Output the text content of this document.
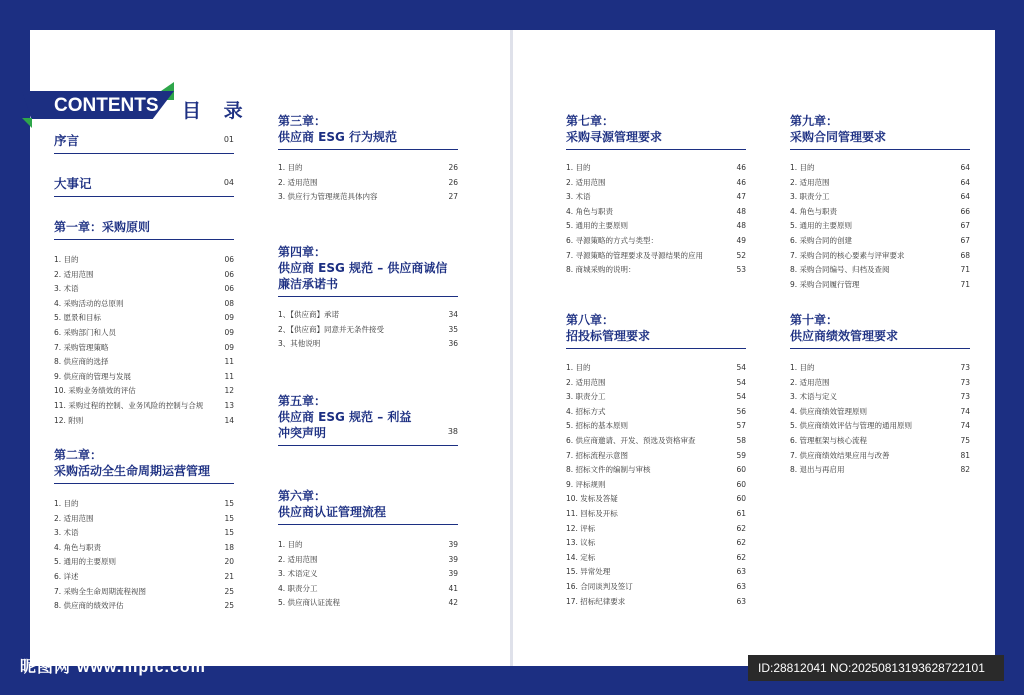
CONTENTS 目 录
序言	01
大事记	04
第一章：采购原则
1. 目的	06
2. 适用范围	06
3. 术语	06
4. 采购活动的总原则	08
5. 愿景和目标	09
6. 采购部门和人员	09
7. 采购管理策略	09
8. 供应商的选择	11
9. 供应商的管理与发展	11
10. 采购业务绩效的评估	12
11. 采购过程的控制、业务风险的控制与合规	13
12. 附则	14
第二章：
采购活动全生命周期运营管理
1. 目的	15
2. 适用范围	15
3. 术语	15
4. 角色与职责	18
5. 通用的主要原则	20
6. 详述	21
7. 采购全生命周期流程视图	25
8. 供应商的绩效评估	25
第三章：
供应商 ESG 行为规范
1. 目的	26
2. 适用范围	26
3. 供应行为管理规范具体内容	27
第四章：
供应商 ESG 规范 – 供应商诚信
廉洁承诺书
1、【供应商】承诺	34
2、【供应商】同意并无条件接受	35
3、其他说明	36
第五章：
供应商 ESG 规范 – 利益
冲突声明	38
第六章：
供应商认证管理流程
1. 目的	39
2. 适用范围	39
3. 术语定义	39
4. 职责分工	41
5. 供应商认证流程	42
第七章：
采购寻源管理要求
1. 目的	46
2. 适用范围	46
3. 术语	47
4. 角色与职责	48
5. 通用的主要原则	48
6. 寻源策略的方式与类型：	49
7. 寻源策略的管理要求及寻源结果的应用	52
8. 商城采购的说明：	53
第八章：
招投标管理要求
1. 目的	54
2. 适用范围	54
3. 职责分工	54
4. 招标方式	56
5. 招标的基本原则	57
6. 供应商邀请、开发、预选及资格审查	58
7. 招标流程示意图	59
8. 招标文件的编制与审核	60
9. 评标规则	60
10. 发标及答疑	60
11. 回标及开标	61
12. 评标	62
13. 议标	62
14. 定标	62
15. 异常处理	63
16. 合同谈判及签订	63
17. 招标纪律要求	63
第九章：
采购合同管理要求
1. 目的	64
2. 适用范围	64
3. 职责分工	64
4. 角色与职责	66
5. 通用的主要原则	67
6. 采购合同的创建	67
7. 采购合同的核心要素与评审要求	68
8. 采购合同编号、归档及查阅	71
9. 采购合同履行管理	71
第十章：
供应商绩效管理要求
1. 目的	73
2. 适用范围	73
3. 术语与定义	73
4. 供应商绩效管理原则	74
5. 供应商绩效评估与管理的通用原则	74
6. 管理框架与核心流程	75
7. 供应商绩效结果应用与改善	81
8. 退出与再启用	82
昵图网 www.nipic.com	ID:28812041 NO:20250813193628722101
